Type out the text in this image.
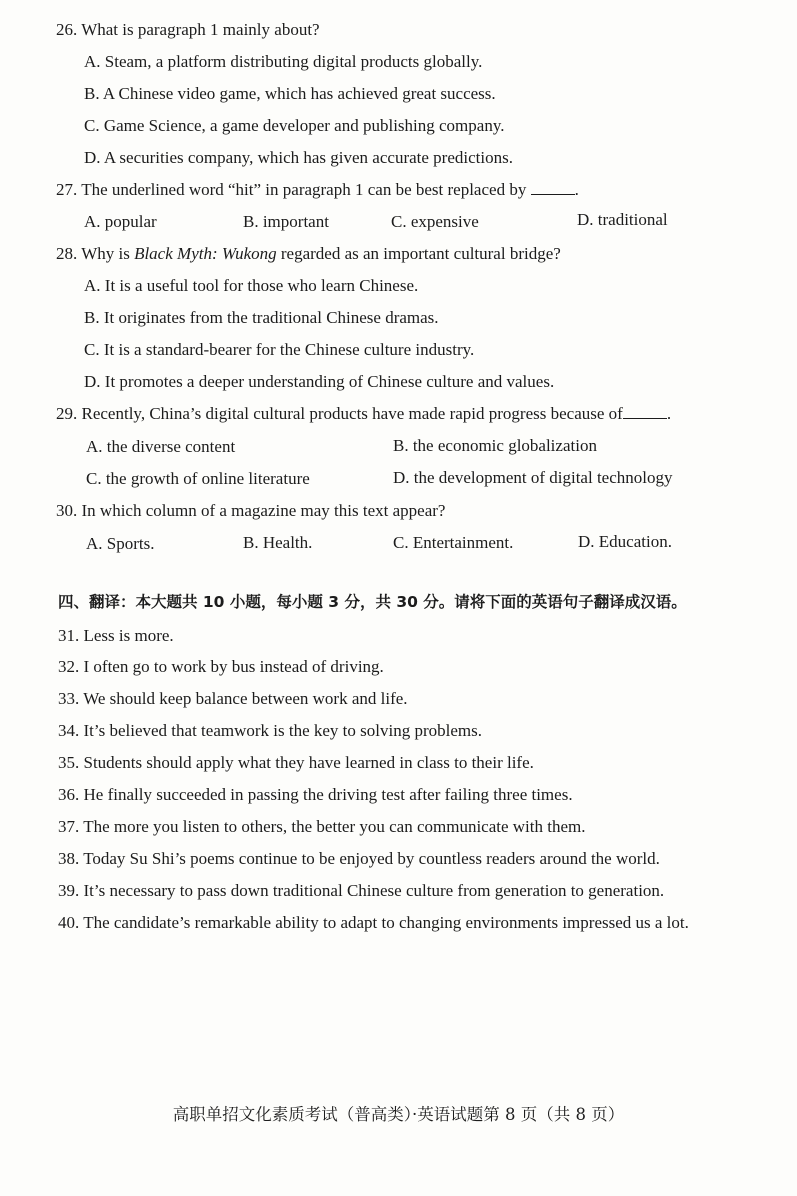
26. What is paragraph 1 mainly about?
A. Steam, a platform distributing digital products globally.
B. A Chinese video game, which has achieved great success.
C. Game Science, a game developer and publishing company.
D. A securities company, which has given accurate predictions.
27. The underlined word “hit” in paragraph 1 can be best replaced by	.
A. popular	B. important	C. expensive	D. traditional
28. Why is Black Myth: Wukong regarded as an important cultural bridge?
A. It is a useful tool for those who learn Chinese.
B. It originates from the traditional Chinese dramas.
C. It is a standard-bearer for the Chinese culture industry.
D. It promotes a deeper understanding of Chinese culture and values.
29. Recently, China’s digital cultural products have made rapid progress because of	.
A. the diverse content	B. the economic globalization
C. the growth of online literature	D. the development of digital technology
30. In which column of a magazine may this text appear?
A. Sports.	B. Health.	C. Entertainment.	D. Education.
四、翻译：本大题共 10 小题，每小题 3 分，共 30 分。请将下面的英语句子翻译成汉语。
31. Less is more.
32. I often go to work by bus instead of driving.
33. We should keep balance between work and life.
34. It’s believed that teamwork is the key to solving problems.
35. Students should apply what they have learned in class to their life.
36. He finally succeeded in passing the driving test after failing three times.
37. The more you listen to others, the better you can communicate with them.
38. Today Su Shi’s poems continue to be enjoyed by countless readers around the world.
39. It’s necessary to pass down traditional Chinese culture from generation to generation.
40. The candidate’s remarkable ability to adapt to changing environments impressed us a lot.
高职单招文化素质考试（普高类）·英语试题第 8 页（共 8 页）
